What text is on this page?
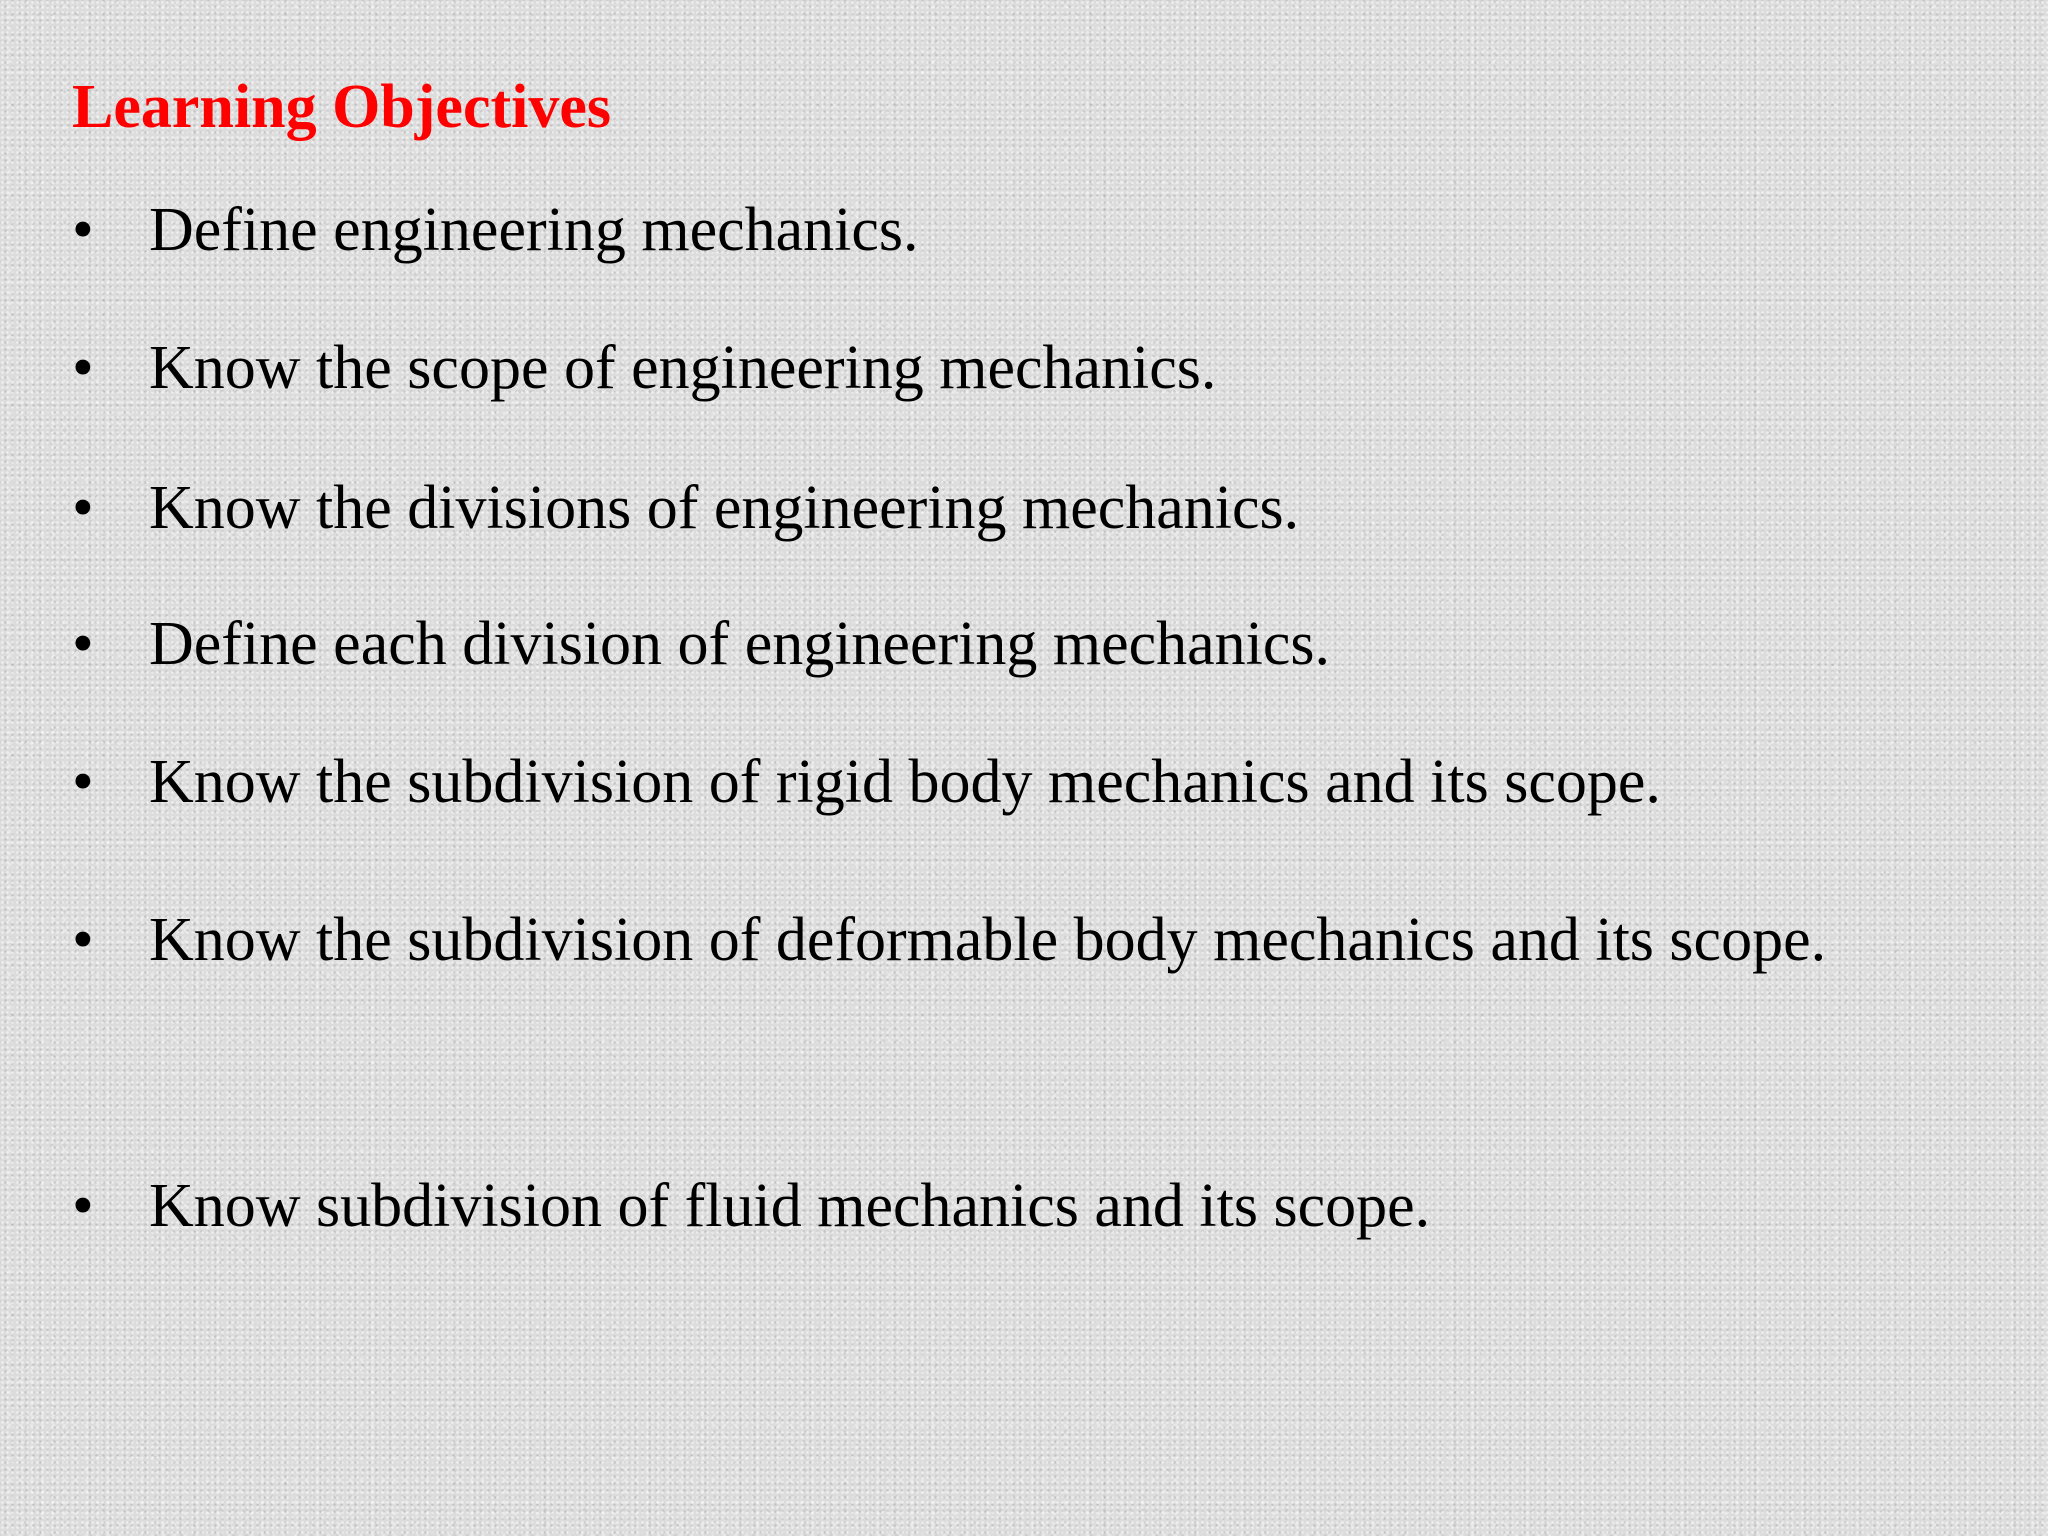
Learning Objectives
• Define engineering mechanics.
• Know the scope of engineering mechanics.
• Know the divisions of engineering mechanics.
• Define each division of engineering mechanics.
• Know the subdivision of rigid body mechanics and its scope.
• Know the subdivision of deformable body mechanics and its scope.
• Know subdivision of fluid mechanics and its scope.
